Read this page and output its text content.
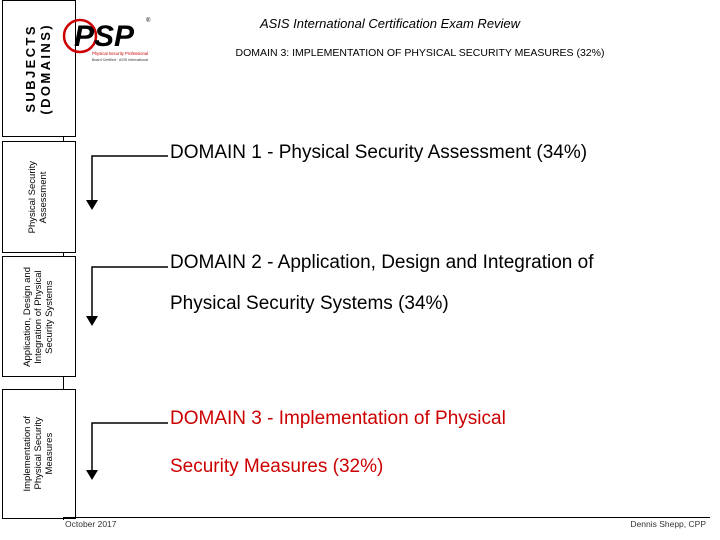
SUBJECTS (DOMAINS)
Physical Security Assessment
Application, Design and Integration of Physical Security Systems
Implementation of Physical Security Measures
PSP ®
Physical Security Professional
Board Certified · ASIS International
ASIS International Certification Exam Review
DOMAIN 3: IMPLEMENTATION OF PHYSICAL SECURITY MEASURES (32%)
DOMAIN 1 - Physical Security Assessment (34%)
DOMAIN 2 - Application, Design and Integration of
Physical Security Systems (34%)
DOMAIN 3 - Implementation of Physical
Security Measures (32%)
October 2017	Dennis Shepp, CPP
